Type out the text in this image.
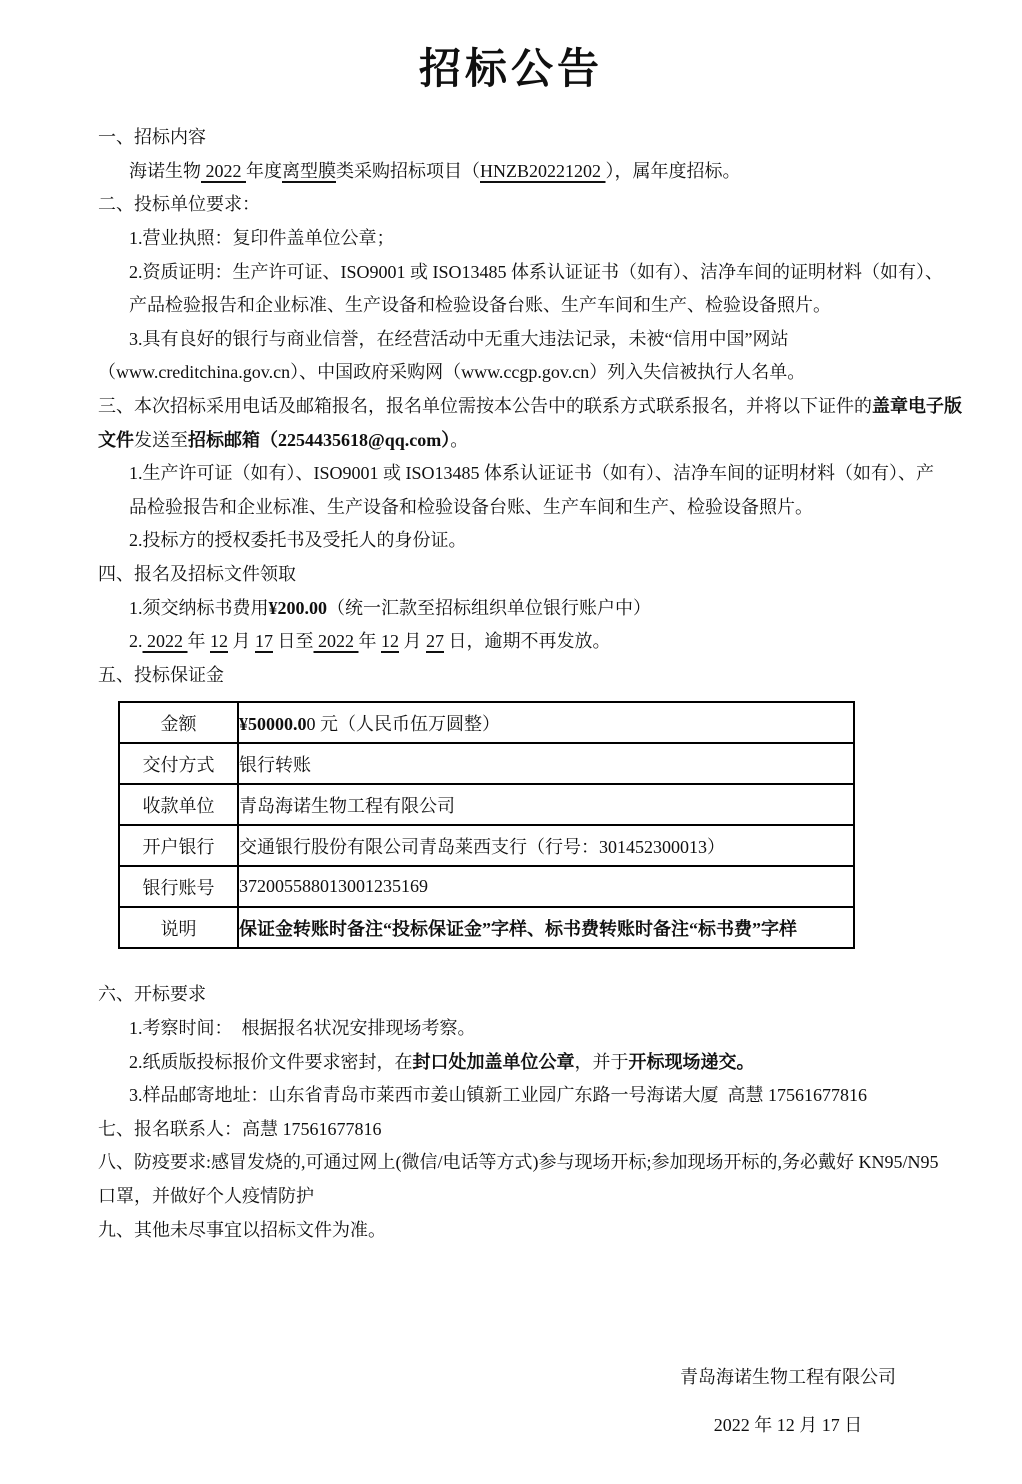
招标公告

一、招标内容

海诺生物 2022 年度离型膜类采购招标项目（HNZB20221202 ），属年度招标。

二、投标单位要求：

1.营业执照：复印件盖单位公章；

2.资质证明：生产许可证、ISO9001 或 ISO13485 体系认证证书（如有）、洁净车间的证明材料（如有）、

产品检验报告和企业标准、生产设备和检验设备台账、生产车间和生产、检验设备照片。

3.具有良好的银行与商业信誉，在经营活动中无重大违法记录，未被“信用中国”网站

（www.creditchina.gov.cn）、中国政府采购网（www.ccgp.gov.cn）列入失信被执行人名单。

三、本次招标采用电话及邮箱报名，报名单位需按本公告中的联系方式联系报名，并将以下证件的盖章电子版

文件发送至招标邮箱（2254435618@qq.com）。

1.生产许可证（如有）、ISO9001 或 ISO13485 体系认证证书（如有）、洁净车间的证明材料（如有）、产

品检验报告和企业标准、生产设备和检验设备台账、生产车间和生产、检验设备照片。

2.投标方的授权委托书及受托人的身份证。

四、报名及招标文件领取

1.须交纳标书费用¥200.00（统一汇款至招标组织单位银行账户中）

2. 2022 年 12 月 17 日至 2022 年 12 月 27 日，逾期不再发放。

五、投标保证金

金额	¥50000.00 元（人民币伍万圆整）
交付方式	银行转账
收款单位	青岛海诺生物工程有限公司
开户银行	交通银行股份有限公司青岛莱西支行（行号：301452300013）
银行账号	372005588013001235169
说明	保证金转账时备注“投标保证金”字样、标书费转账时备注“标书费”字样

六、开标要求

1.考察时间：  根据报名状况安排现场考察。

2.纸质版投标报价文件要求密封，在封口处加盖单位公章，并于开标现场递交。

3.样品邮寄地址：山东省青岛市莱西市姜山镇新工业园广东路一号海诺大厦  高慧 17561677816

七、报名联系人：高慧 17561677816

八、防疫要求:感冒发烧的,可通过网上(微信/电话等方式)参与现场开标;参加现场开标的,务必戴好 KN95/N95

口罩，并做好个人疫情防护

九、其他未尽事宜以招标文件为准。

青岛海诺生物工程有限公司

2022 年 12 月 17 日
